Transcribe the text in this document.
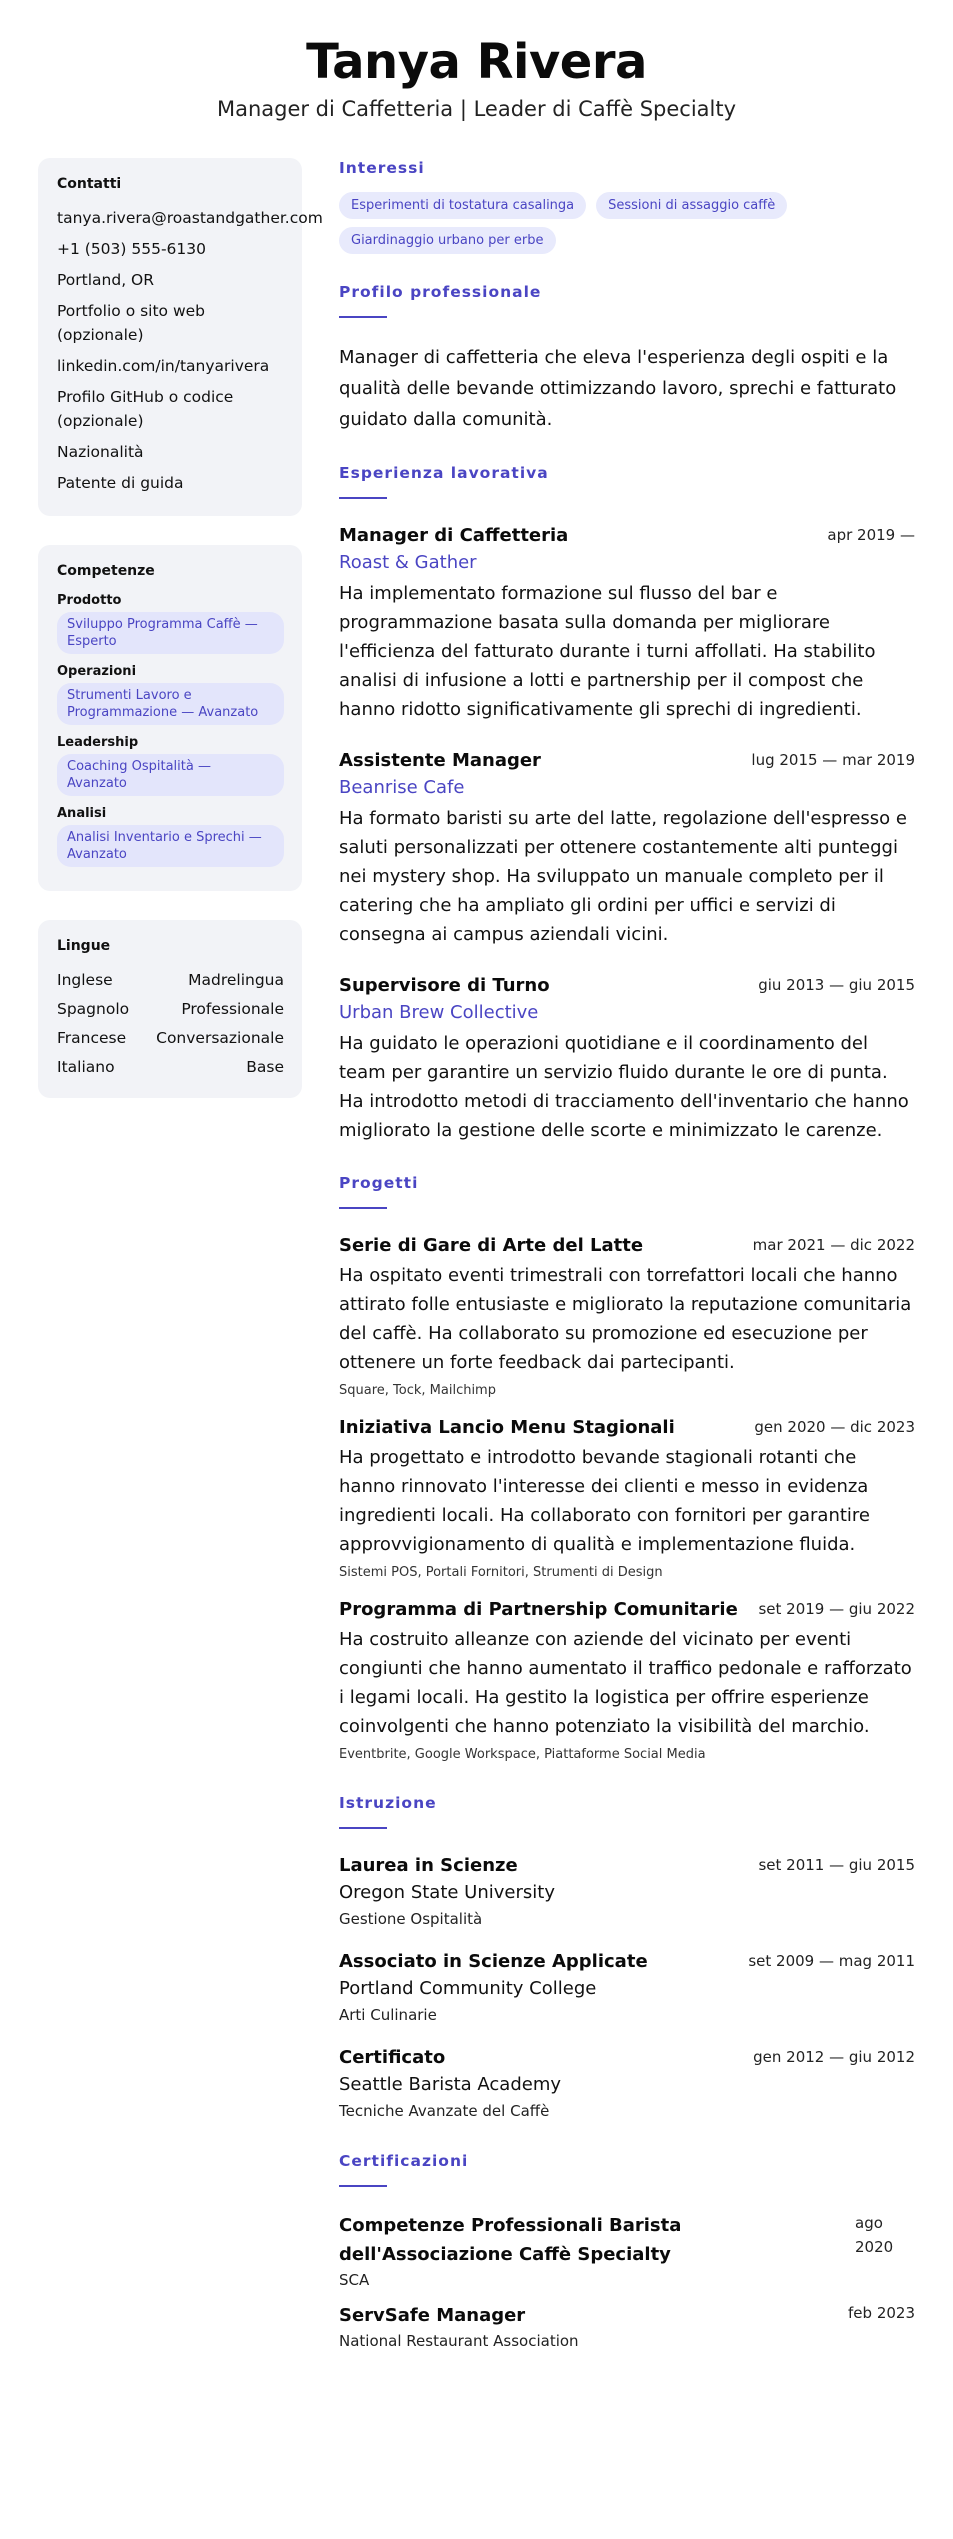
Tanya Rivera
Manager di Caffetteria | Leader di Caffè Specialty
Contatti
tanya.rivera@roastandgather.com
+1 (503) 555-6130
Portland, OR
Portfolio o sito web (opzionale)
linkedin.com/in/tanyarivera
Profilo GitHub o codice (opzionale)
Nazionalità
Patente di guida
Competenze
Prodotto
Sviluppo Programma Caffè — Esperto
Operazioni
Strumenti Lavoro e Programmazione — Avanzato
Leadership
Coaching Ospitalità — Avanzato
Analisi
Analisi Inventario e Sprechi — Avanzato
Lingue
Inglese	Madrelingua
Spagnolo	Professionale
Francese Conversazionale
Italiano	Base
Interessi
Esperimenti di tostatura casalinga	Sessioni di assaggio caffè
Giardinaggio urbano per erbe
Profilo professionale
Manager di caffetteria che eleva l'esperienza degli ospiti e la qualità delle bevande ottimizzando lavoro, sprechi e fatturato guidato dalla comunità.
Esperienza lavorativa
Manager di Caffetteria	apr 2019 —
Roast & Gather
Ha implementato formazione sul flusso del bar e programmazione basata sulla domanda per migliorare l'efficienza del fatturato durante i turni affollati. Ha stabilito analisi di infusione a lotti e partnership per il compost che hanno ridotto significativamente gli sprechi di ingredienti.
Assistente Manager	lug 2015 — mar 2019
Beanrise Cafe
Ha formato baristi su arte del latte, regolazione dell'espresso e saluti personalizzati per ottenere costantemente alti punteggi nei mystery shop. Ha sviluppato un manuale completo per il catering che ha ampliato gli ordini per uffici e servizi di consegna ai campus aziendali vicini.
Supervisore di Turno	giu 2013 — giu 2015
Urban Brew Collective
Ha guidato le operazioni quotidiane e il coordinamento del team per garantire un servizio fluido durante le ore di punta. Ha introdotto metodi di tracciamento dell'inventario che hanno migliorato la gestione delle scorte e minimizzato le carenze.
Progetti
Serie di Gare di Arte del Latte	mar 2021 — dic 2022
Ha ospitato eventi trimestrali con torrefattori locali che hanno attirato folle entusiaste e migliorato la reputazione comunitaria del caffè. Ha collaborato su promozione ed esecuzione per ottenere un forte feedback dai partecipanti.
Square, Tock, Mailchimp
Iniziativa Lancio Menu Stagionali	gen 2020 — dic 2023
Ha progettato e introdotto bevande stagionali rotanti che hanno rinnovato l'interesse dei clienti e messo in evidenza ingredienti locali. Ha collaborato con fornitori per garantire approvvigionamento di qualità e implementazione fluida.
Sistemi POS, Portali Fornitori, Strumenti di Design
Programma di Partnership Comunitarie set 2019 — giu 2022
Ha costruito alleanze con aziende del vicinato per eventi congiunti che hanno aumentato il traffico pedonale e rafforzato i legami locali. Ha gestito la logistica per offrire esperienze coinvolgenti che hanno potenziato la visibilità del marchio.
Eventbrite, Google Workspace, Piattaforme Social Media
Istruzione
Laurea in Scienze	set 2011 — giu 2015
Oregon State University
Gestione Ospitalità
Associato in Scienze Applicate	set 2009 — mag 2011
Portland Community College
Arti Culinarie
Certificato	gen 2012 — giu 2012
Seattle Barista Academy
Tecniche Avanzate del Caffè
Certificazioni
Competenze Professionali Barista dell'Associazione Caffè Specialty
ago 2020
SCA
ServSafe Manager	feb 2023
National Restaurant Association
